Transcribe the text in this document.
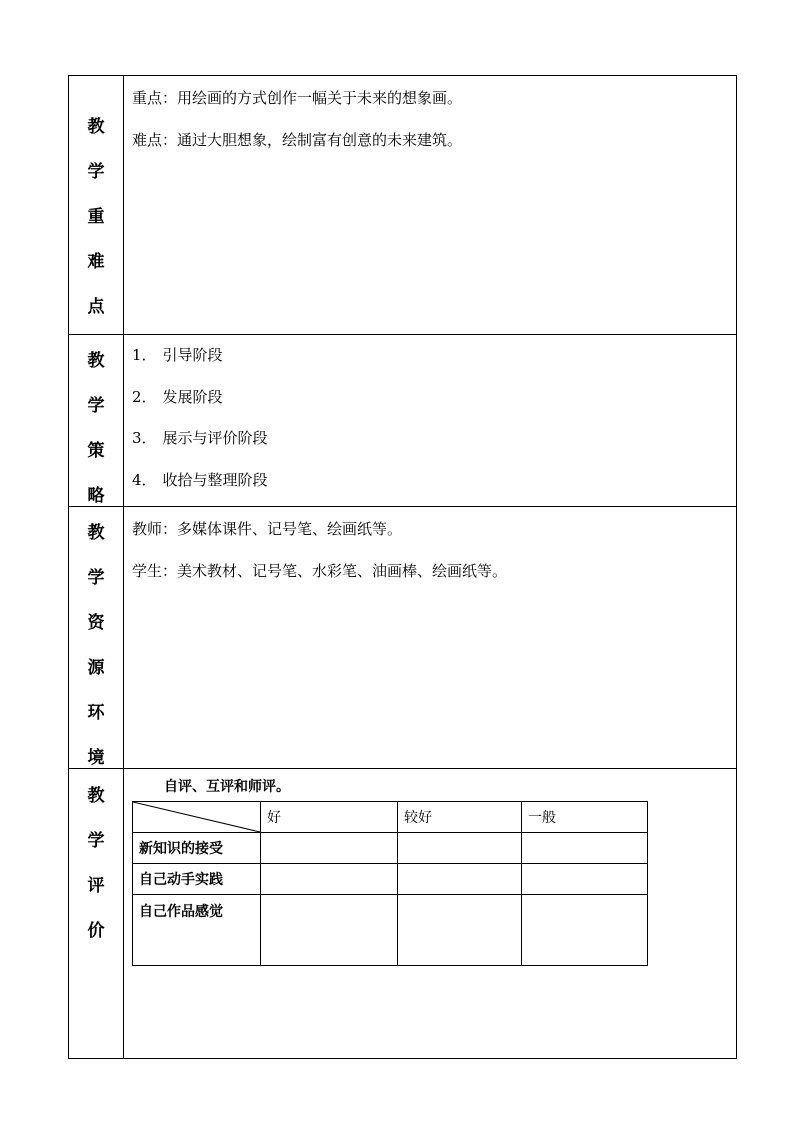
教
学
重
难
点

重点：用绘画的方式创作一幅关于未来的想象画。
难点：通过大胆想象，绘制富有创意的未来建筑。

教
学
策
略

1． 引导阶段
2． 发展阶段
3． 展示与评价阶段
4． 收拾与整理阶段

教
学
资
源
环
境

教师：多媒体课件、记号笔、绘画纸等。
学生：美术教材、记号笔、水彩笔、油画棒、绘画纸等。

教
学
评
价

自评、互评和师评。
	好	较好	一般
新知识的接受			
自己动手实践			
自己作品感觉			
